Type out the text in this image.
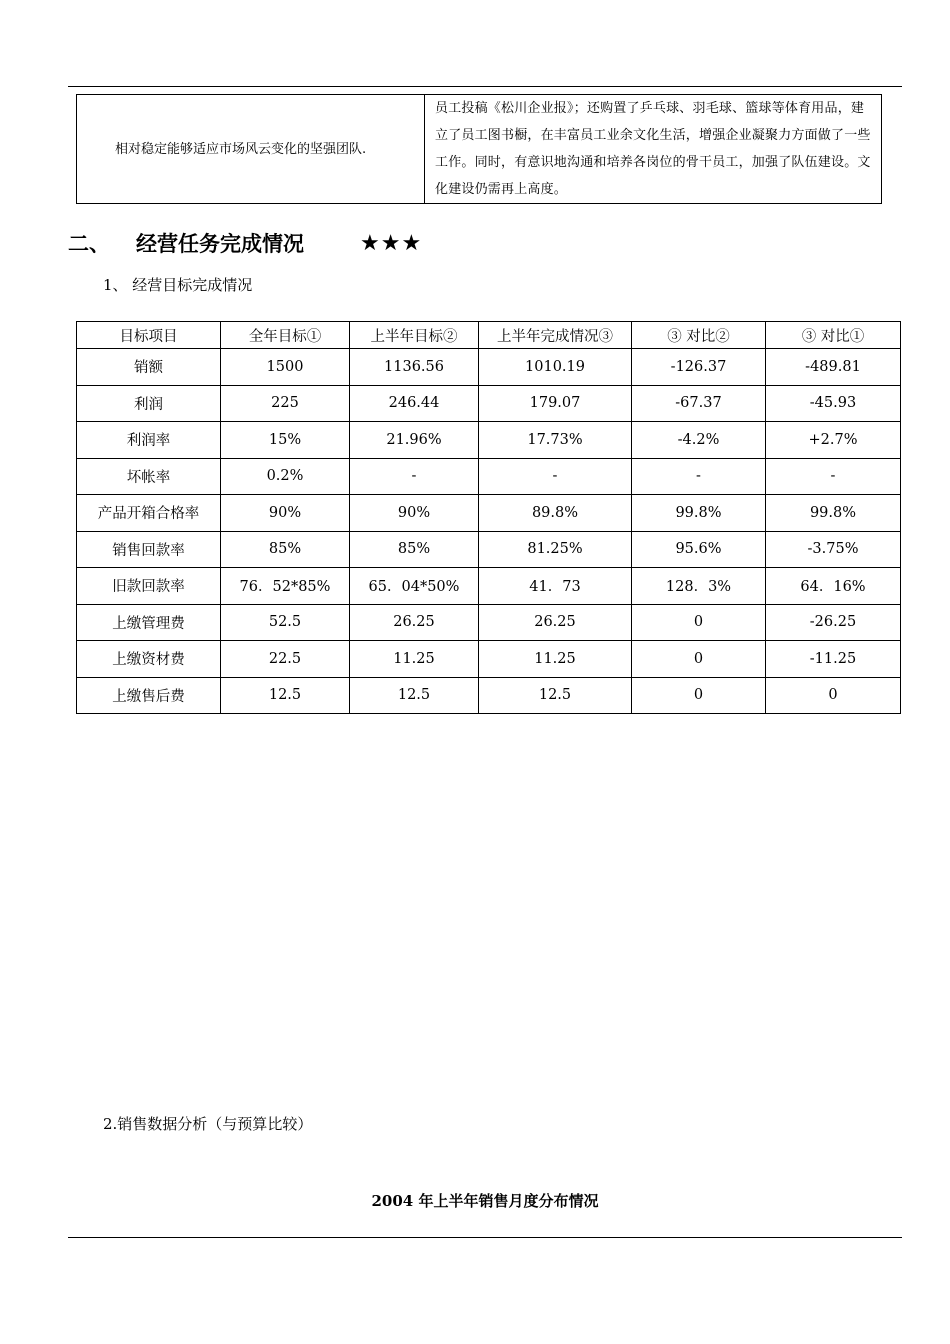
相对稳定能够适应市场风云变化的坚强团队.	员工投稿《松川企业报》；还购置了乒乓球、羽毛球、篮球等体育用品，建立了员工图书橱，在丰富员工业余文化生活，增强企业凝聚力方面做了一些工作。同时，有意识地沟通和培养各岗位的骨干员工，加强了队伍建设。文化建设仍需再上高度。
二、	经营任务完成情况	★★★
1、 经营目标完成情况
目标项目	全年目标①	上半年目标②	上半年完成情况③	③ 对比②	③ 对比①
销额	1500	1136.56	1010.19	-126.37	-489.81
利润	225	246.44	179.07	-67.37	-45.93
利润率	15%	21.96%	17.73%	-4.2%	+2.7%
坏帐率	0.2%	-	-	-	-
产品开箱合格率	90%	90%	89.8%	99.8%	99.8%
销售回款率	85%	85%	81.25%	95.6%	-3.75%
旧款回款率	76．52*85%	65．04*50%	41．73	128．3%	64．16%
上缴管理费	52.5	26.25	26.25	0	-26.25
上缴资材费	22.5	11.25	11.25	0	-11.25
上缴售后费	12.5	12.5	12.5	0	0
2.销售数据分析（与预算比较）
2004 年上半年销售月度分布情况
